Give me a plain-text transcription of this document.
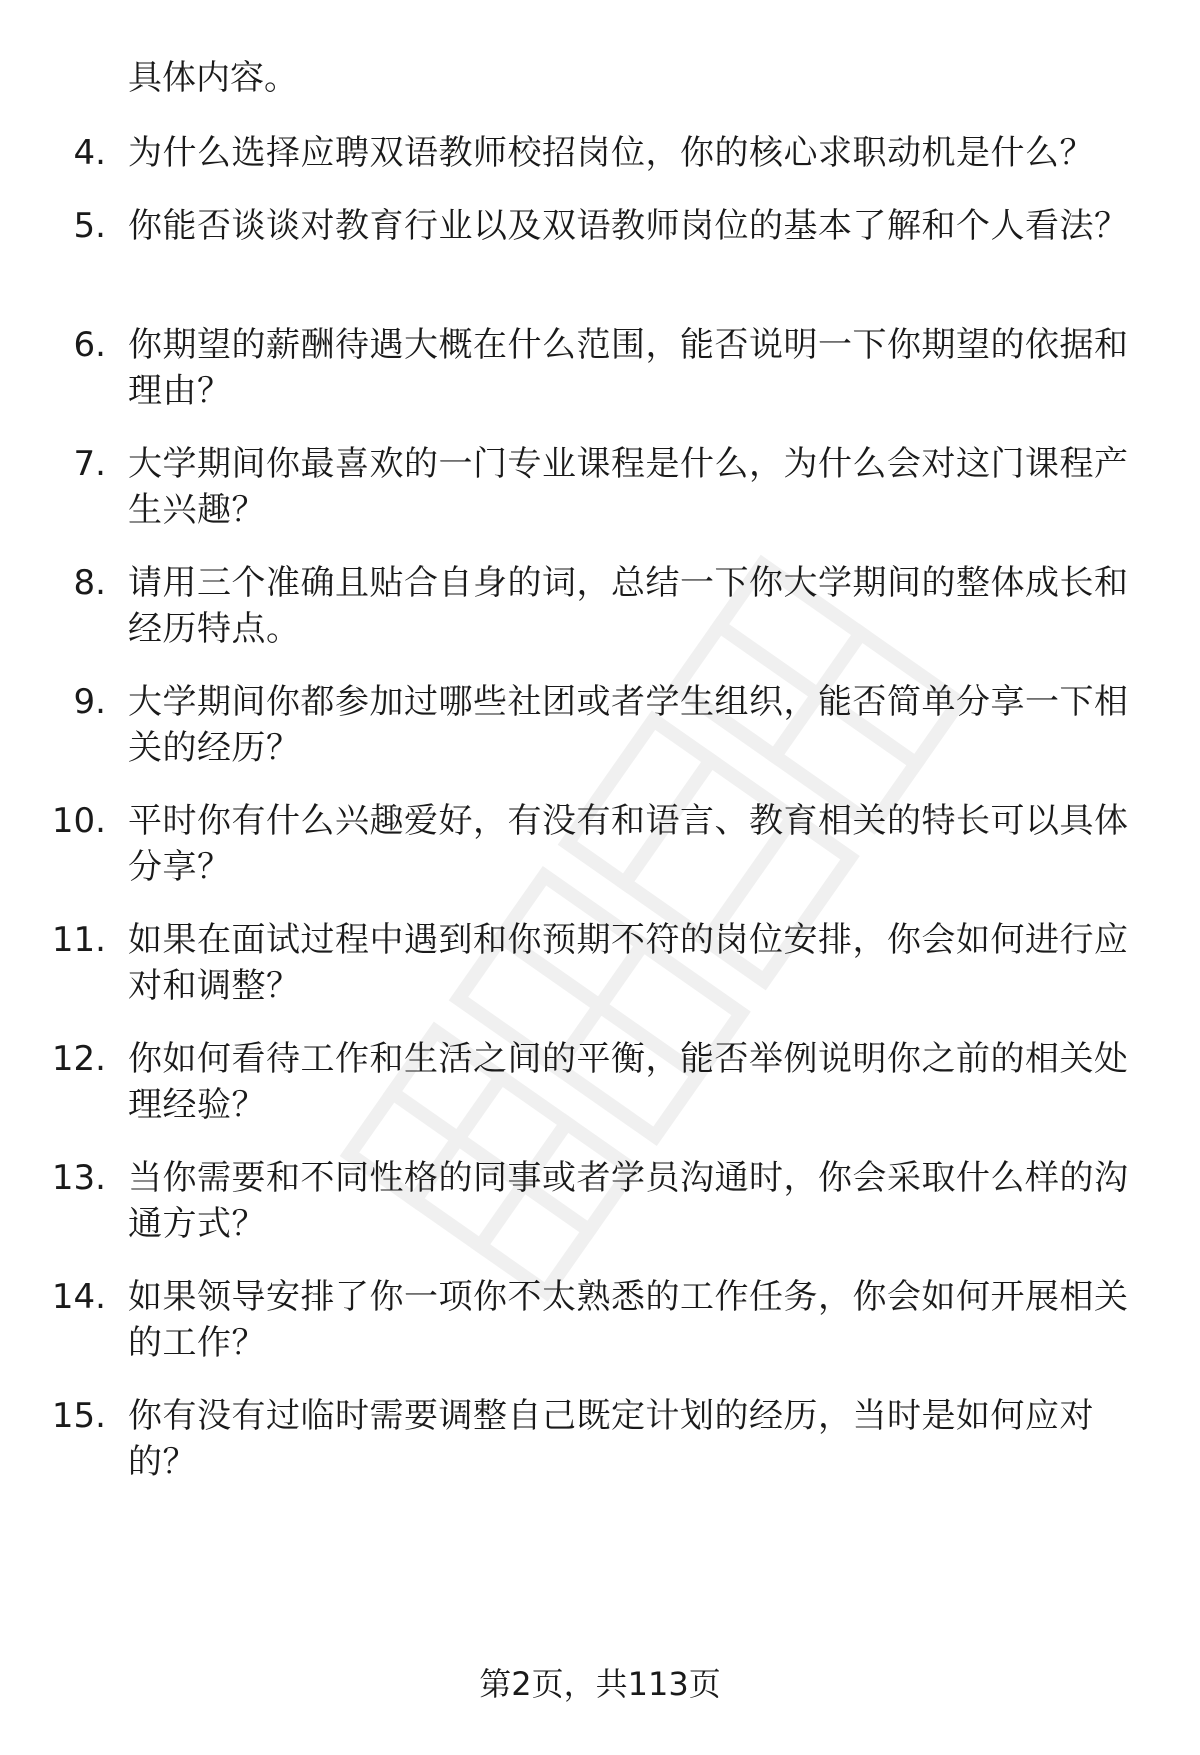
具体内容。
4. 为什么选择应聘双语教师校招岗位，你的核心求职动机是什么？
5. 你能否谈谈对教育行业以及双语教师岗位的基本了解和个人看法？
6. 你期望的薪酬待遇大概在什么范围，能否说明一下你期望的依据和理由？
7. 大学期间你最喜欢的一门专业课程是什么，为什么会对这门课程产生兴趣？
8. 请用三个准确且贴合自身的词，总结一下你大学期间的整体成长和经历特点。
9. 大学期间你都参加过哪些社团或者学生组织，能否简单分享一下相关的经历？
10. 平时你有什么兴趣爱好，有没有和语言、教育相关的特长可以具体分享？
11. 如果在面试过程中遇到和你预期不符的岗位安排，你会如何进行应对和调整？
12. 你如何看待工作和生活之间的平衡，能否举例说明你之前的相关处理经验？
13. 当你需要和不同性格的同事或者学员沟通时，你会采取什么样的沟通方式？
14. 如果领导安排了你一项你不太熟悉的工作任务，你会如何开展相关的工作？
15. 你有没有过临时需要调整自己既定计划的经历，当时是如何应对的？
第2页，共113页
